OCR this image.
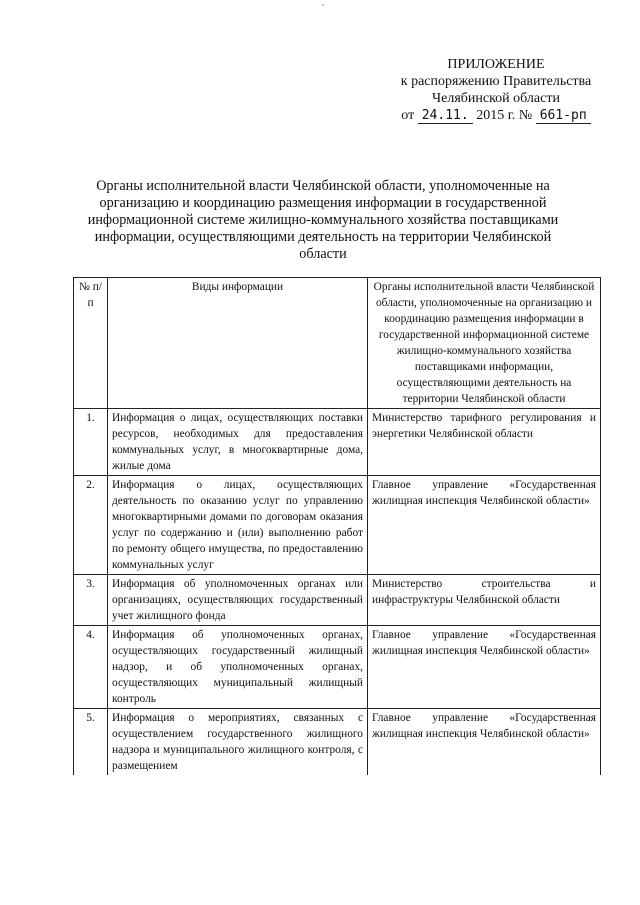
ПРИЛОЖЕНИЕ
к распоряжению Правительства
Челябинской области
от 24.11. 2015 г. № 661-рп
Органы исполнительной власти Челябинской области, уполномоченные на организацию и координацию размещения информации в государственной информационной системе жилищно-коммунального хозяйства поставщиками информации, осуществляющими деятельность на территории Челябинской области
№ п/п	Виды информации	Органы исполнительной власти Челябинской области, уполномоченные на организацию и координацию размещения информации в государственной информационной системе жилищно-коммунального хозяйства поставщиками информации, осуществляющими деятельность на территории Челябинской области
1.	Информация о лицах, осуществляющих поставки ресурсов, необходимых для предоставления коммунальных услуг, в многоквартирные дома, жилые дома	Министерство тарифного регулирования и энергетики Челябинской области
2.	Информация о лицах, осуществляющих деятельность по оказанию услуг по управлению многоквартирными домами по договорам оказания услуг по содержанию и (или) выполнению работ по ремонту общего имущества, по предоставлению коммунальных услуг	Главное управление «Государственная жилищная инспекция Челябинской области»
3.	Информация об уполномоченных органах или организациях, осуществляющих государственный учет жилищного фонда	Министерство строительства и инфраструктуры Челябинской области
4.	Информация об уполномоченных органах, осуществляющих государственный жилищный надзор, и об уполномоченных органах, осуществляющих муниципальный жилищный контроль	Главное управление «Государственная жилищная инспекция Челябинской области»
5.	Информация о мероприятиях, связанных с осуществлением государственного жилищного надзора и муниципального жилищного контроля, с размещением	Главное управление «Государственная жилищная инспекция Челябинской области»
